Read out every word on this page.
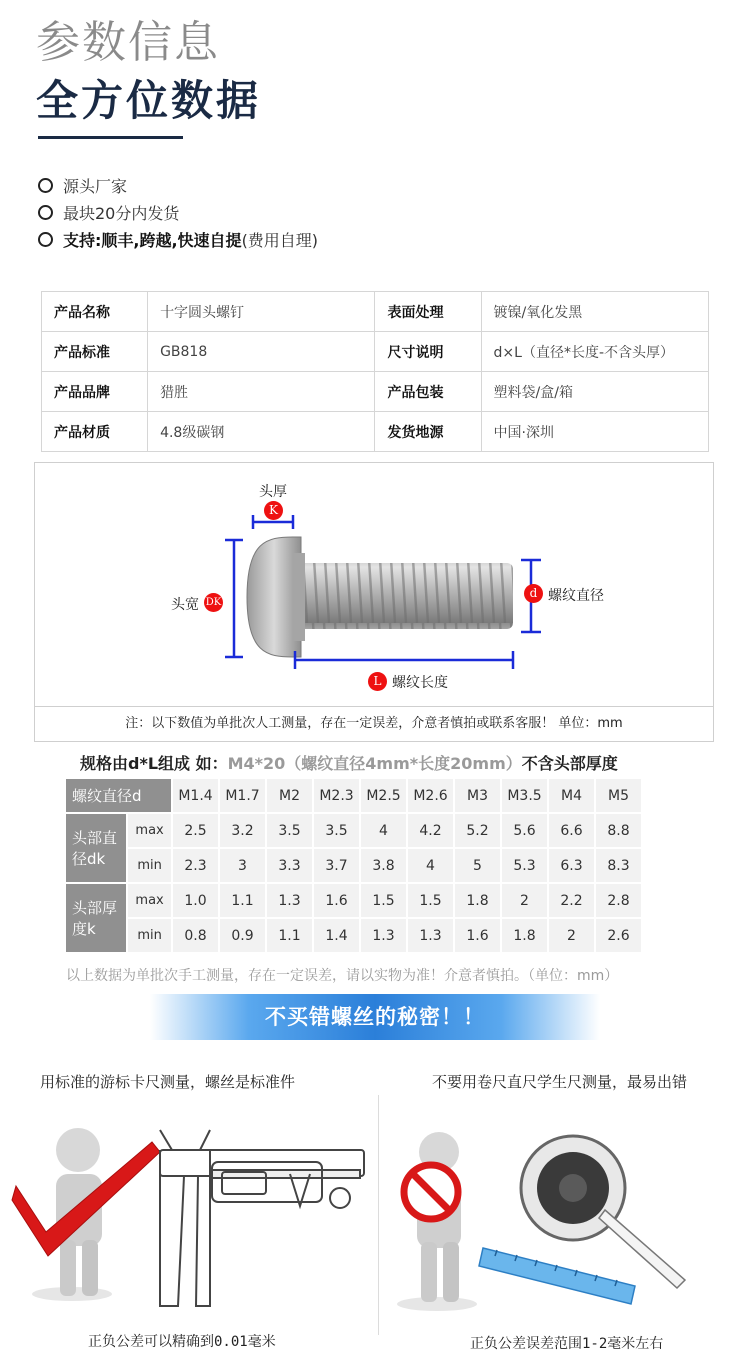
参数信息
全方位数据
源头厂家
最块20分内发货
支持:顺丰,跨越,快速自提 (费用自理)
产品名称	十字圆头螺钉	表面处理	镀镍/氧化发黑
产品标准	GB818	尺寸说明	d×L（直径*长度-不含头厚）
产品品牌	猎胜	产品包装	塑料袋/盒/箱
产品材质	4.8级碳钢	发货地源	中国·深圳
头厚
K
头宽 DK
d 螺纹直径
L 螺纹长度
注：以下数值为单批次人工测量，存在一定误差，介意者慎拍或联系客服！ 单位：mm
规格由d*L组成 如：M4*20（螺纹直径4mm*长度20mm）不含头部厚度
螺纹直径d		M1.4	M1.7	M2	M2.3	M2.5	M2.6	M3	M3.5	M4	M5
头部直径dk	max	2.5	3.2	3.5	3.5	4	4.2	5.2	5.6	6.6	8.8
	min	2.3	3	3.3	3.7	3.8	4	5	5.3	6.3	8.3
头部厚度k	max	1.0	1.1	1.3	1.6	1.5	1.5	1.8	2	2.2	2.8
	min	0.8	0.9	1.1	1.4	1.3	1.3	1.6	1.8	2	2.6
以上数据为单批次手工测量，存在一定误差，请以实物为准！介意者慎拍。（单位：mm）
不买错螺丝的秘密！！
用标准的游标卡尺测量，螺丝是标准件	不要用卷尺直尺学生尺测量，最易出错
正负公差可以精确到0.01毫米	正负公差误差范围1-2毫米左右
